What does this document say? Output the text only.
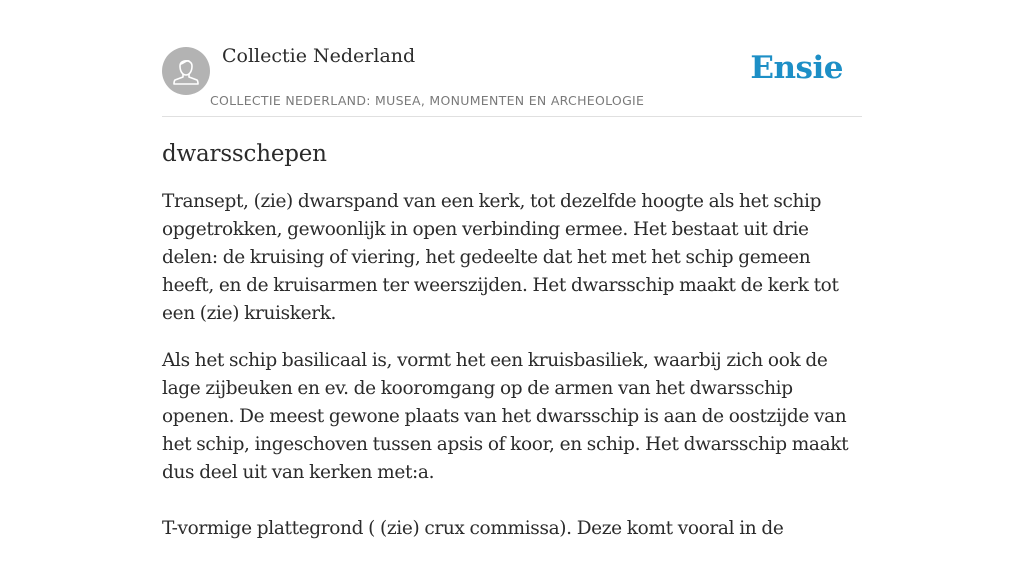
Collectie Nederland
COLLECTIE NEDERLAND: MUSEA, MONUMENTEN EN ARCHEOLOGIE
Ensie
dwarsschepen

Transept, (zie) dwarspand van een kerk, tot dezelfde hoogte als het schip opgetrokken, gewoonlijk in open verbinding ermee. Het bestaat uit drie delen: de kruising of viering, het gedeelte dat het met het schip gemeen heeft, en de kruisarmen ter weerszijden. Het dwarsschip maakt de kerk tot een (zie) kruiskerk.

Als het schip basilicaal is, vormt het een kruisbasiliek, waarbij zich ook de lage zijbeuken en ev. de kooromgang op de armen van het dwarsschip openen. De meest gewone plaats van het dwarsschip is aan de oostzijde van het schip, ingeschoven tussen apsis of koor, en schip. Het dwarsschip maakt dus deel uit van kerken met:a.

T-vormige plattegrond ( (zie) crux commissa). Deze komt vooral in de
